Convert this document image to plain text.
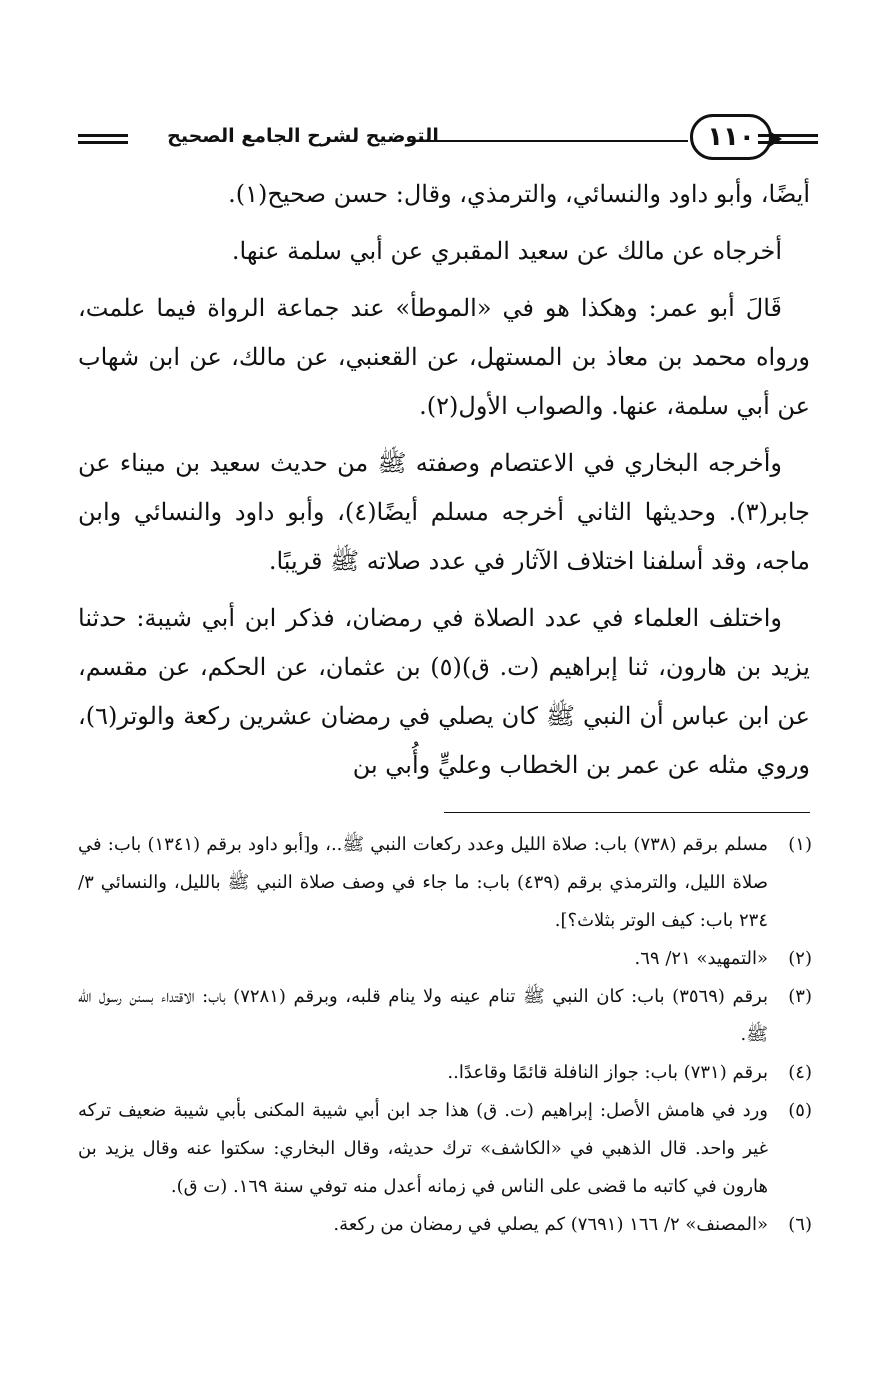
التوضيح لشرح الجامع الصحيح	١١٠

أيضًا، وأبو داود والنسائي، والترمذي، وقال: حسن صحيح(١).

أخرجاه عن مالك عن سعيد المقبري عن أبي سلمة عنها.

قَالَ أبو عمر: وهكذا هو في «الموطأ» عند جماعة الرواة فيما علمت، ورواه محمد بن معاذ بن المستهل، عن القعنبي، عن مالك، عن ابن شهاب عن أبي سلمة، عنها. والصواب الأول(٢).

وأخرجه البخاري في الاعتصام وصفته ﷺ من حديث سعيد بن ميناء عن جابر(٣). وحديثها الثاني أخرجه مسلم أيضًا(٤)، وأبو داود والنسائي وابن ماجه، وقد أسلفنا اختلاف الآثار في عدد صلاته ﷺ قريبًا.

واختلف العلماء في عدد الصلاة في رمضان، فذكر ابن أبي شيبة: حدثنا يزيد بن هارون، ثنا إبراهيم (ت. ق)(٥) بن عثمان، عن الحكم، عن مقسم، عن ابن عباس أن النبي ﷺ كان يصلي في رمضان عشرين ركعة والوتر(٦)، وروي مثله عن عمر بن الخطاب وعليٍّ وأُبي بن

(١)
مسلم برقم (٧٣٨) باب: صلاة الليل وعدد ركعات النبي ﷺ..، و[أبو داود برقم (١٣٤١) باب: في صلاة الليل، والترمذي برقم (٤٣٩) باب: ما جاء في وصف صلاة النبي ﷺ بالليل، والنسائي ٣/ ٢٣٤ باب: كيف الوتر بثلاث؟].
(٢)
«التمهيد» ٢١/ ٦٩.
(٣)
برقم (٣٥٦٩) باب: كان النبي ﷺ تنام عينه ولا ينام قلبه، وبرقم (٧٢٨١) باب: الاقتداء بسنن رسول الله ﷺ.
(٤)
برقم (٧٣١) باب: جواز النافلة قائمًا وقاعدًا..
(٥)
ورد في هامش الأصل: إبراهيم (ت. ق) هذا جد ابن أبي شيبة المكنى بأبي شيبة ضعيف تركه غير واحد. قال الذهبي في «الكاشف» ترك حديثه، وقال البخاري: سكتوا عنه وقال يزيد بن هارون في كاتبه ما قضى على الناس في زمانه أعدل منه توفي سنة ١٦٩. (ت ق).
(٦)
«المصنف» ٢/ ١٦٦ (٧٦٩١) كم يصلي في رمضان من ركعة.
